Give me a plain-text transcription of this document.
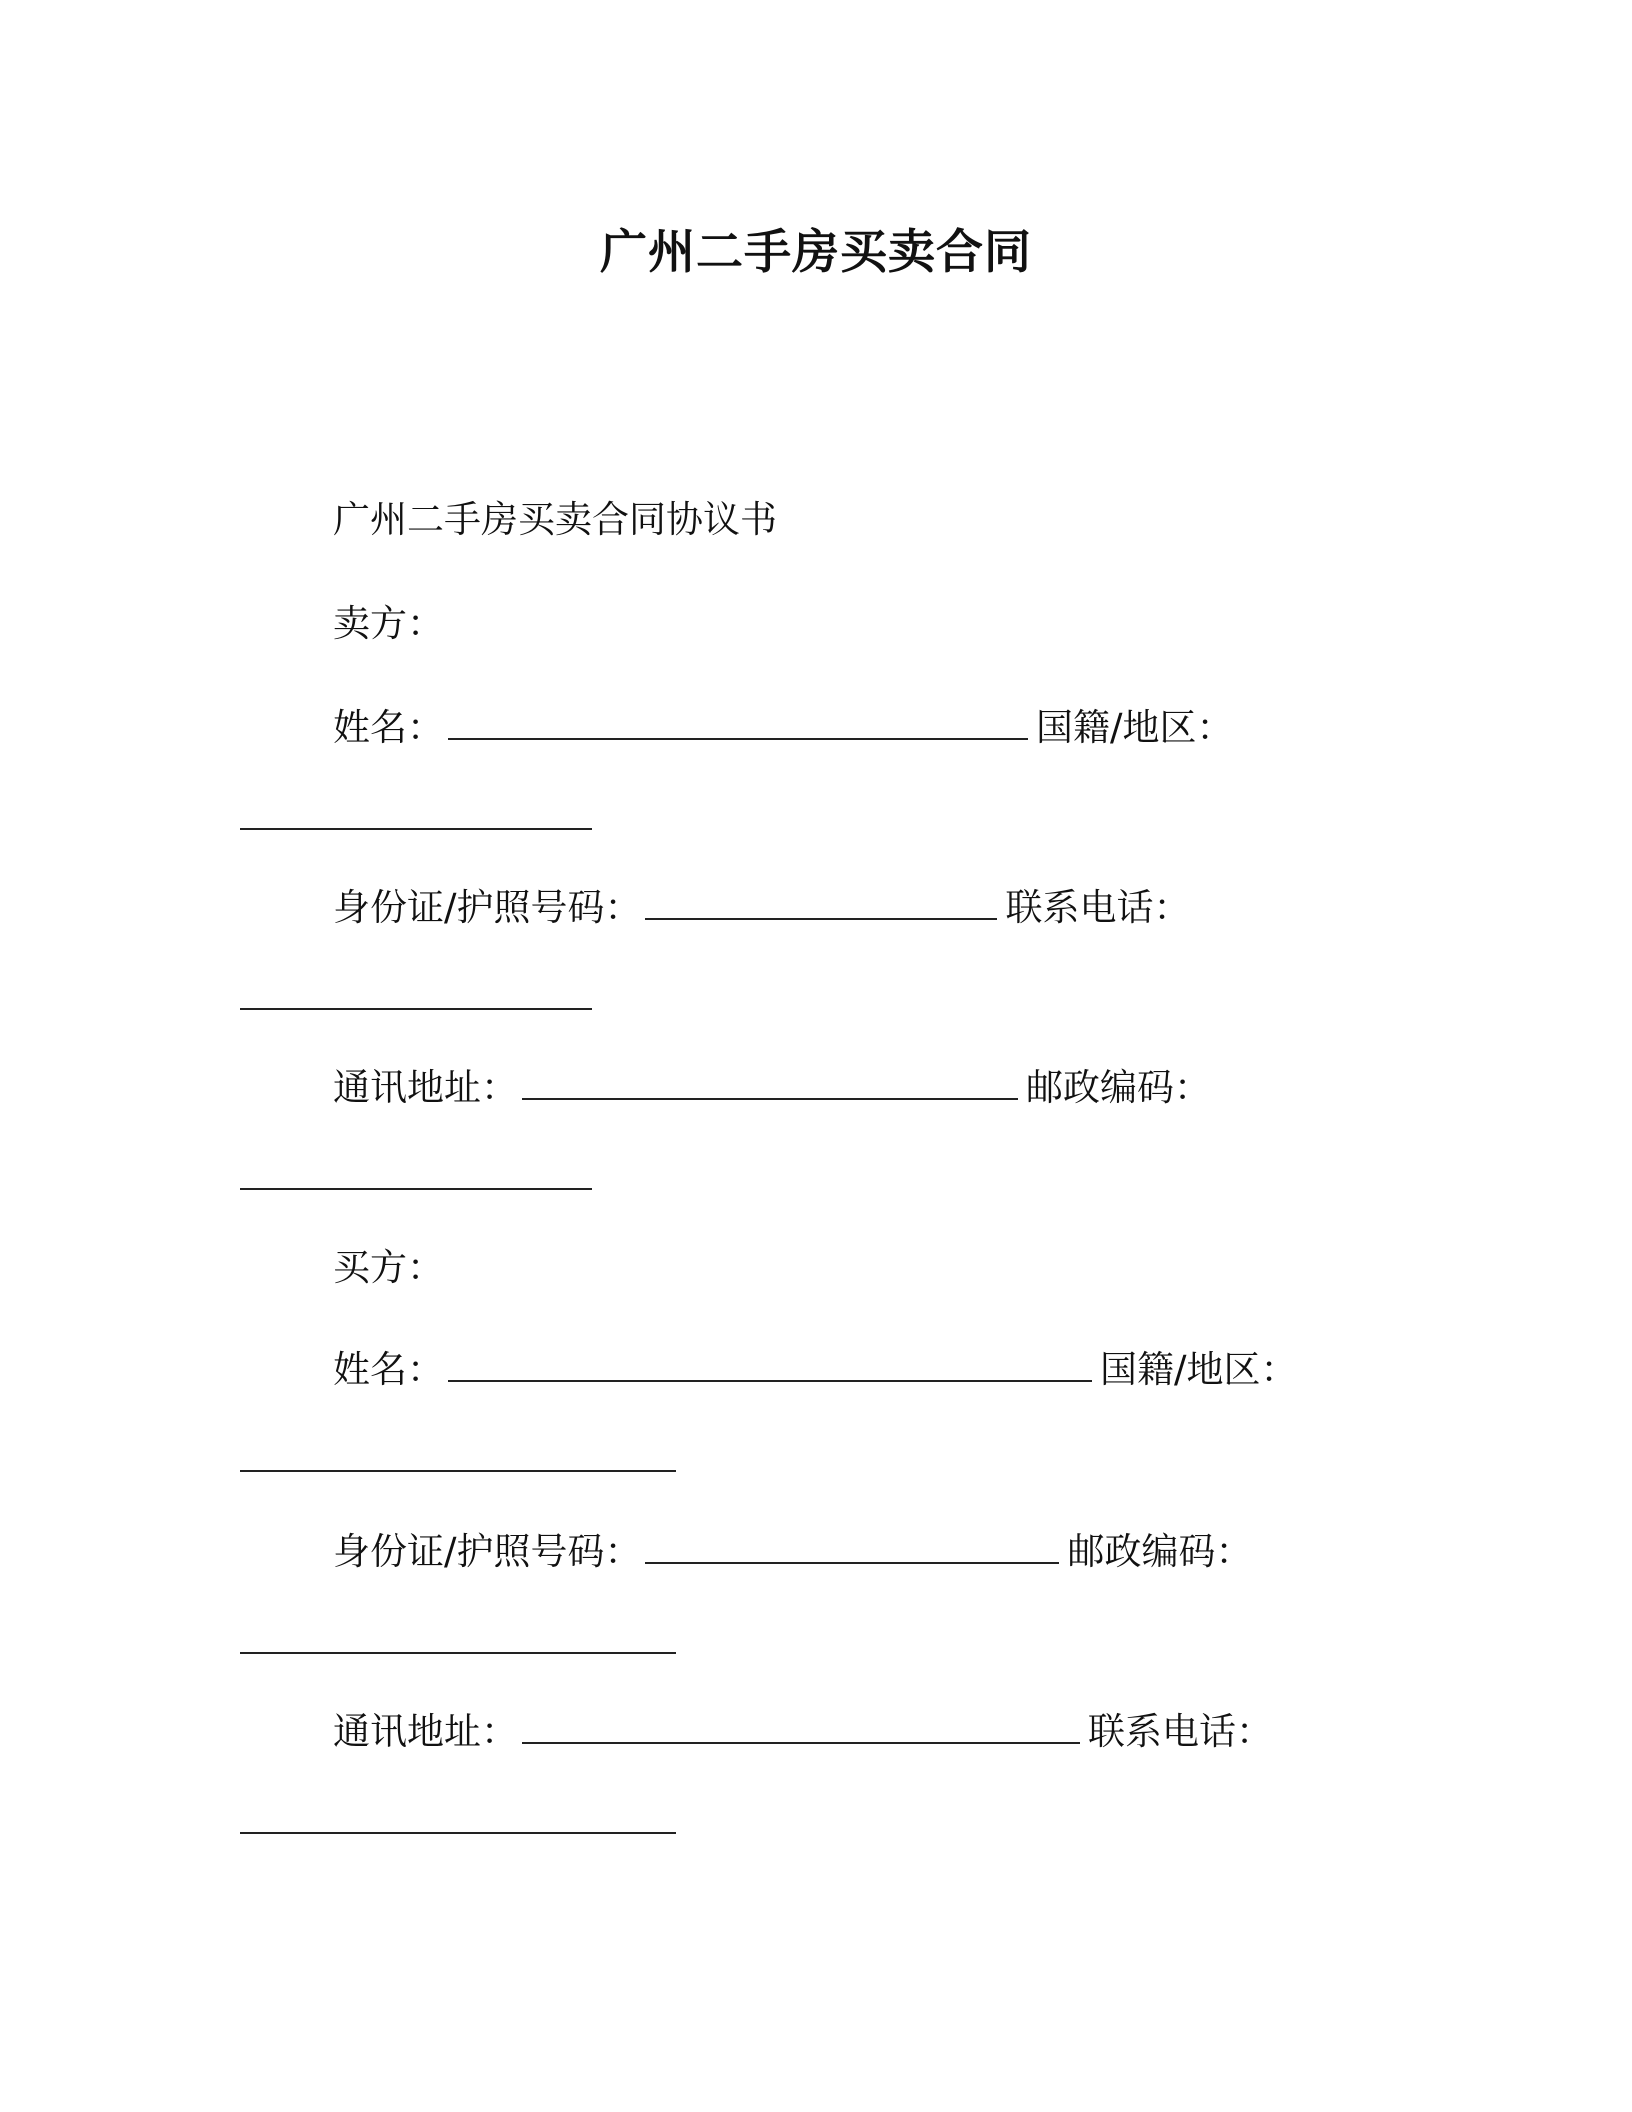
广州二手房买卖合同
广州二手房买卖合同协议书
卖方：
姓名：	国籍/地区：
身份证/护照号码：	联系电话：
通讯地址：	邮政编码：
买方：
姓名：	国籍/地区：
身份证/护照号码：	邮政编码：
通讯地址：	联系电话：
